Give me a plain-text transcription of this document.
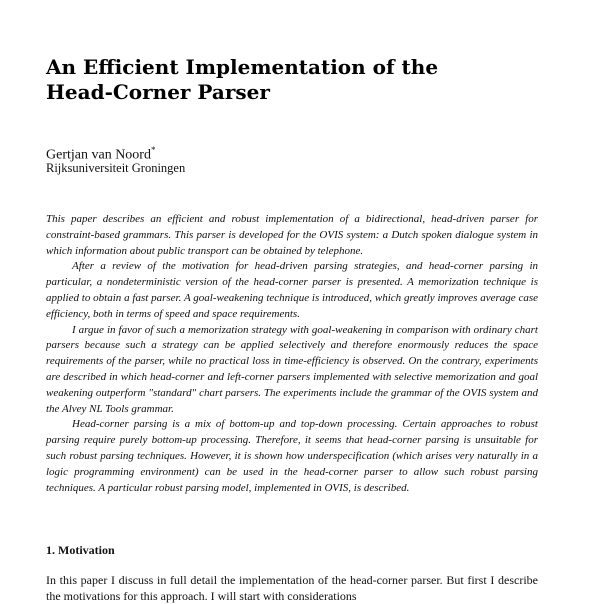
An Efficient Implementation of the
Head-Corner Parser
Gertjan van Noord*
Rijksuniversiteit Groningen

This paper describes an efficient and robust implementation of a bidirectional, head-driven parser for constraint-based grammars. This parser is developed for the OVIS system: a Dutch spoken dialogue system in which information about public transport can be obtained by telephone.

After a review of the motivation for head-driven parsing strategies, and head-corner parsing in particular, a nondeterministic version of the head-corner parser is presented. A memorization technique is applied to obtain a fast parser. A goal-weakening technique is introduced, which greatly improves average case efficiency, both in terms of speed and space requirements.

I argue in favor of such a memorization strategy with goal-weakening in comparison with ordinary chart parsers because such a strategy can be applied selectively and therefore enormously reduces the space requirements of the parser, while no practical loss in time-efficiency is observed. On the contrary, experiments are described in which head-corner and left-corner parsers implemented with selective memorization and goal weakening outperform "standard" chart parsers. The experiments include the grammar of the OVIS system and the Alvey NL Tools grammar.

Head-corner parsing is a mix of bottom-up and top-down processing. Certain approaches to robust parsing require purely bottom-up processing. Therefore, it seems that head-corner parsing is unsuitable for such robust parsing techniques. However, it is shown how underspecification (which arises very naturally in a logic programming environment) can be used in the head-corner parser to allow such robust parsing techniques. A particular robust parsing model, implemented in OVIS, is described.

1. Motivation

In this paper I discuss in full detail the implementation of the head-corner parser. But first I describe the motivations for this approach. I will start with considerations
